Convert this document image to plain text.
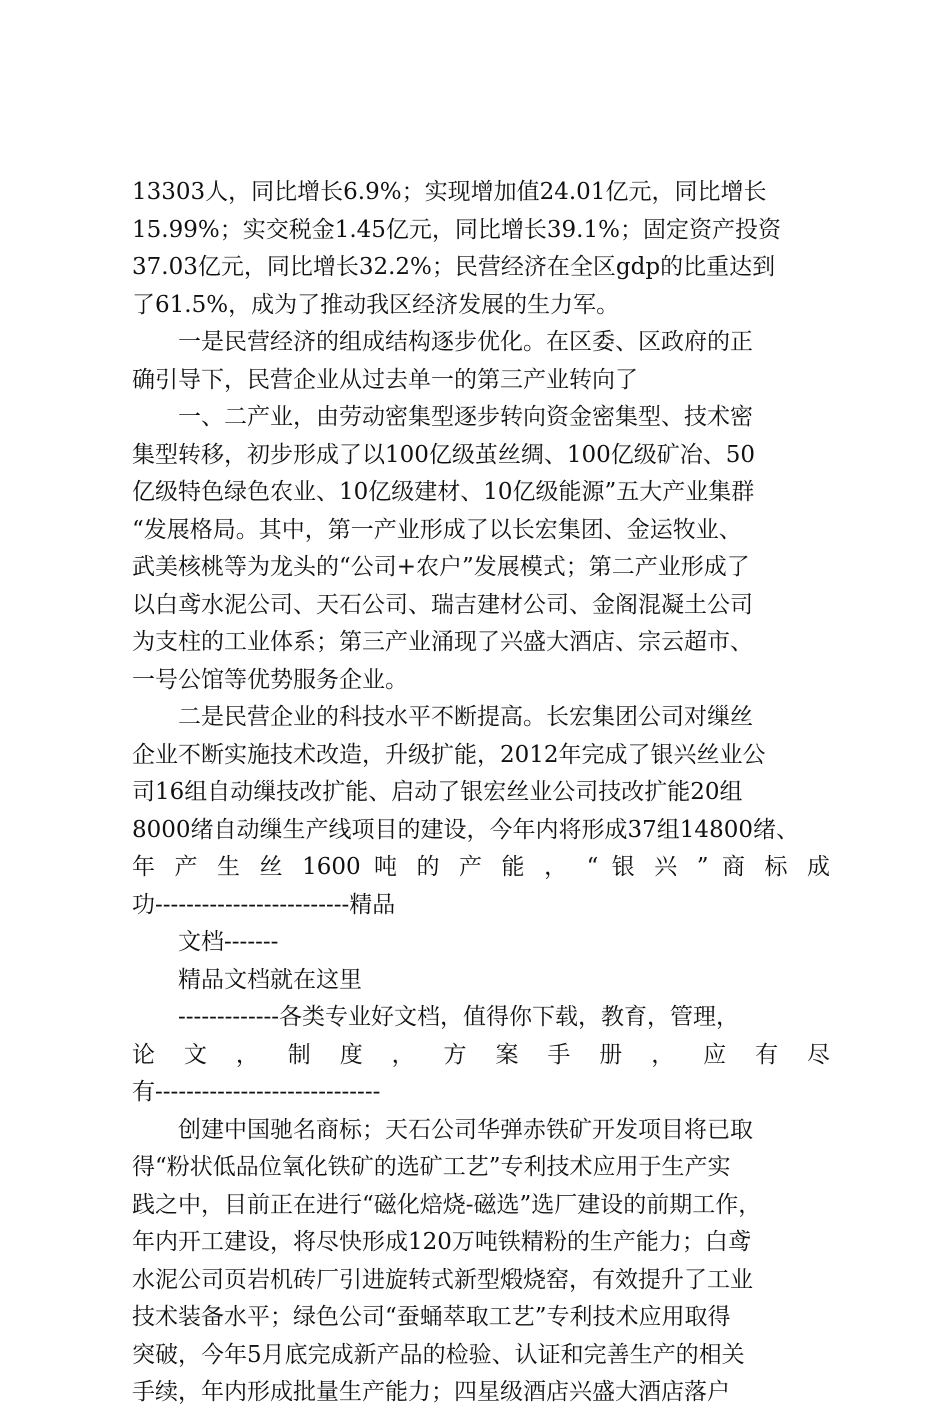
13303人，同比增长6.9%；实现增加值24.01亿元，同比增长
15.99%；实交税金1.45亿元，同比增长39.1%；固定资产投资
37.03亿元，同比增长32.2%；民营经济在全区gdp的比重达到
了61.5%，成为了推动我区经济发展的生力军。
一是民营经济的组成结构逐步优化。在区委、区政府的正
确引导下，民营企业从过去单一的第三产业转向了
一、二产业，由劳动密集型逐步转向资金密集型、技术密
集型转移，初步形成了以100亿级茧丝绸、100亿级矿冶、50
亿级特色绿色农业、10亿级建材、10亿级能源”五大产业集群
“发展格局。其中，第一产业形成了以长宏集团、金运牧业、
武美核桃等为龙头的“公司+农户”发展模式；第二产业形成了
以白鸢水泥公司、天石公司、瑞吉建材公司、金阁混凝土公司
为支柱的工业体系；第三产业涌现了兴盛大酒店、宗云超市、
一号公馆等优势服务企业。
二是民营企业的科技水平不断提高。长宏集团公司对缫丝
企业不断实施技术改造，升级扩能，2012年完成了银兴丝业公
司16组自动缫技改扩能、启动了银宏丝业公司技改扩能20组
8000绪自动缫生产线项目的建设，今年内将形成37组14800绪、
年 产 生 丝 1600 吨 的 产 能 ， “ 银 兴 ” 商 标 成
功-------------------------精品
文档-------
精品文档就在这里
-------------各类专业好文档，值得你下载，教育，管理，
论 文 ， 制 度 ， 方 案 手 册 ， 应 有 尽
有-----------------------------
创建中国驰名商标；天石公司华弹赤铁矿开发项目将已取
得“粉状低品位氧化铁矿的选矿工艺”专利技术应用于生产实
践之中，目前正在进行“磁化焙烧-磁选”选厂建设的前期工作，
年内开工建设，将尽快形成120万吨铁精粉的生产能力；白鸢
水泥公司页岩机砖厂引进旋转式新型煅烧窑，有效提升了工业
技术装备水平；绿色公司“蚕蛹萃取工艺”专利技术应用取得
突破，今年5月底完成新产品的检验、认证和完善生产的相关
手续，年内形成批量生产能力；四星级酒店兴盛大酒店落户
